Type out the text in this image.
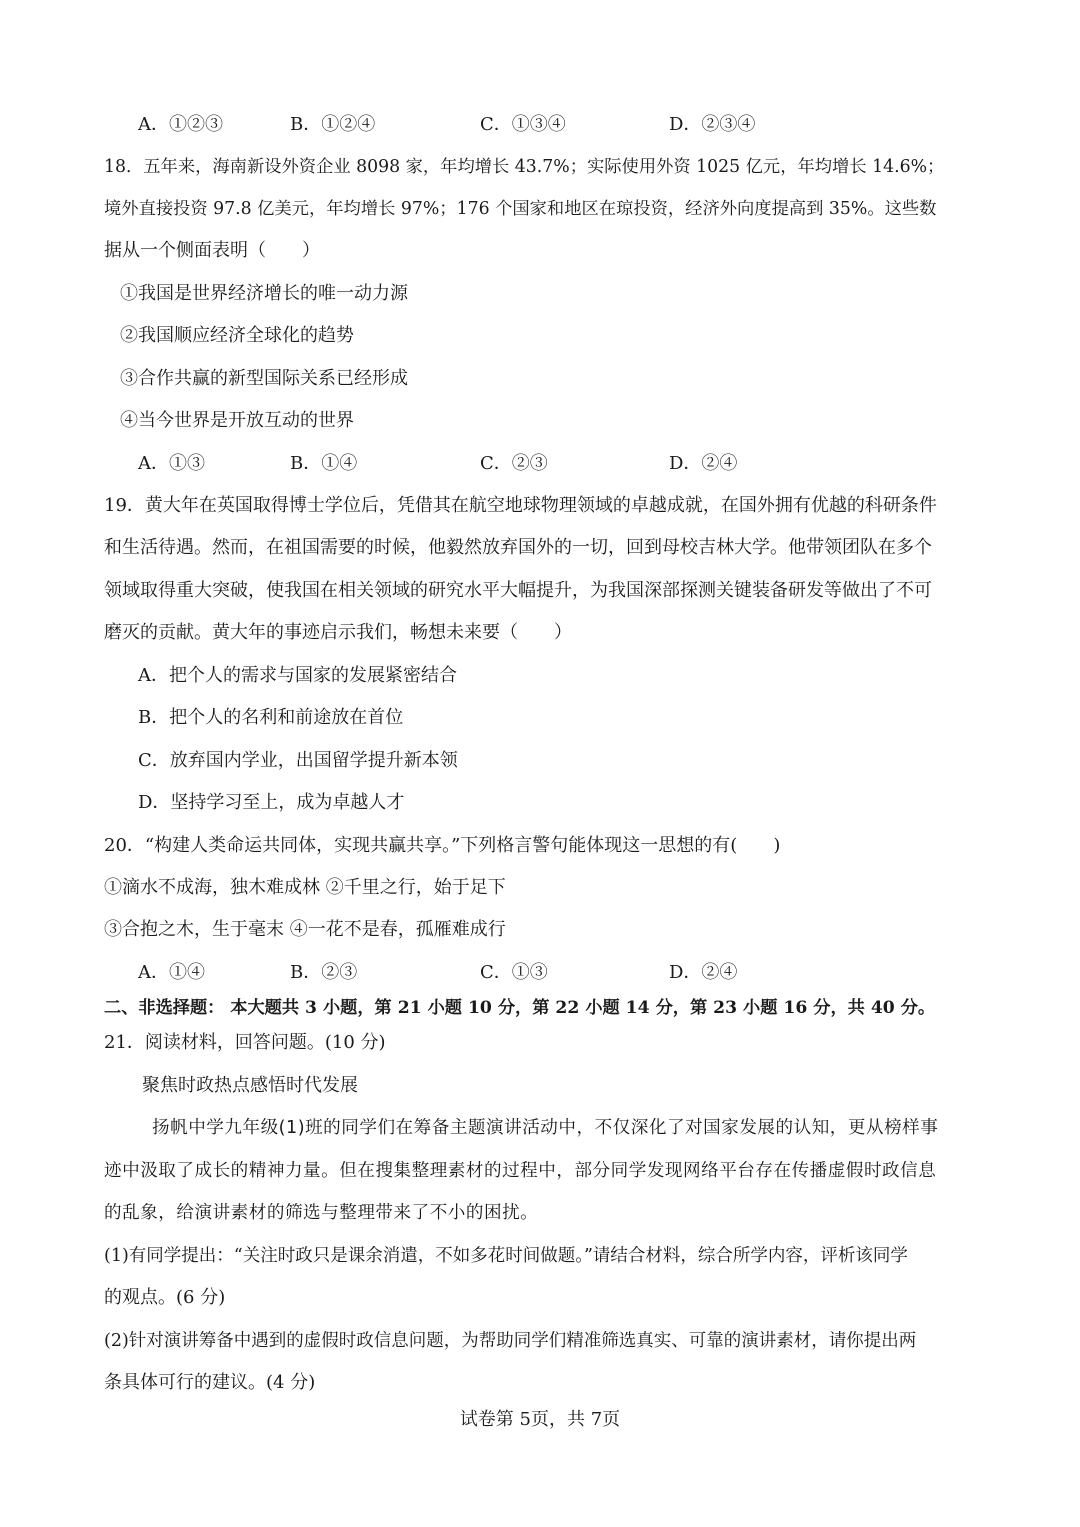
A．①②③	B．①②④	C．①③④	D．②③④
18．五年来，海南新设外资企业 8098 家，年均增长 43.7%；实际使用外资 1025 亿元，年均增长 14.6%；
境外直接投资 97.8 亿美元，年均增长 97%；176 个国家和地区在琼投资，经济外向度提高到 35%。这些数
据从一个侧面表明（　　）
①我国是世界经济增长的唯一动力源
②我国顺应经济全球化的趋势
③合作共赢的新型国际关系已经形成
④当今世界是开放互动的世界
A．①③	B．①④	C．②③	D．②④
19．黄大年在英国取得博士学位后，凭借其在航空地球物理领域的卓越成就，在国外拥有优越的科研条件
和生活待遇。然而，在祖国需要的时候，他毅然放弃国外的一切，回到母校吉林大学。他带领团队在多个
领域取得重大突破，使我国在相关领域的研究水平大幅提升，为我国深部探测关键装备研发等做出了不可
磨灭的贡献。黄大年的事迹启示我们，畅想未来要（　　）
A．把个人的需求与国家的发展紧密结合
B．把个人的名利和前途放在首位
C．放弃国内学业，出国留学提升新本领
D．坚持学习至上，成为卓越人才
20．“构建人类命运共同体，实现共赢共享。”下列格言警句能体现这一思想的有(　　)
①滴水不成海，独木难成林 ②千里之行，始于足下
③合抱之木，生于毫末 ④一花不是春，孤雁难成行
A．①④	B．②③	C．①③	D．②④
二、非选择题： 本大题共 3 小题，第 21 小题 10 分，第 22 小题 14 分，第 23 小题 16 分，共 40 分。
21．阅读材料，回答问题。(10 分)
聚焦时政热点感悟时代发展
扬帆中学九年级(1)班的同学们在筹备主题演讲活动中，不仅深化了对国家发展的认知，更从榜样事
迹中汲取了成长的精神力量。但在搜集整理素材的过程中，部分同学发现网络平台存在传播虚假时政信息
的乱象，给演讲素材的筛选与整理带来了不小的困扰。
(1)有同学提出：“关注时政只是课余消遣，不如多花时间做题。”请结合材料，综合所学内容，评析该同学
的观点。(6 分)
(2)针对演讲筹备中遇到的虚假时政信息问题，为帮助同学们精准筛选真实、可靠的演讲素材，请你提出两
条具体可行的建议。(4 分)
试卷第 5页，共 7页
